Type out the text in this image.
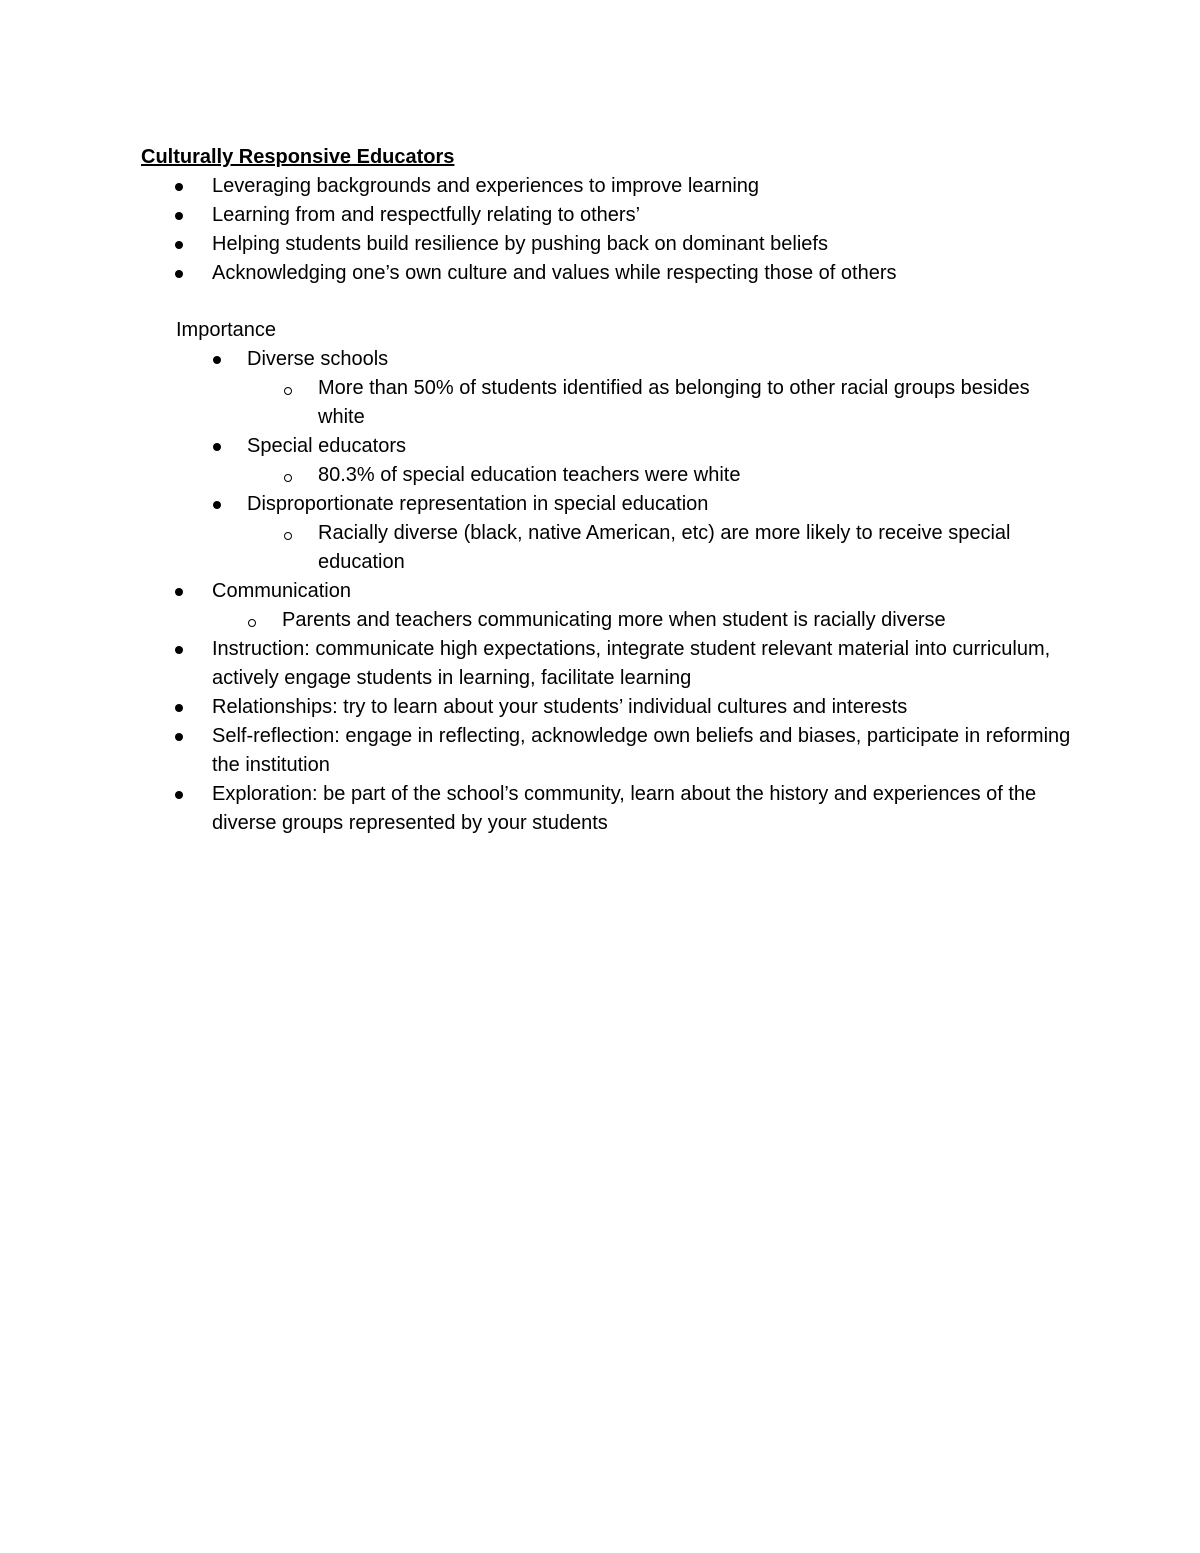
Culturally Responsive Educators

Leveraging backgrounds and experiences to improve learning
Learning from and respectfully relating to others’
Helping students build resilience by pushing back on dominant beliefs
Acknowledging one’s own culture and values while respecting those of others
Importance
Diverse schools
More than 50% of students identified as belonging to other racial groups besides white
Special educators
80.3% of special education teachers were white
Disproportionate representation in special education
Racially diverse (black, native American, etc) are more likely to receive special education
Communication
Parents and teachers communicating more when student is racially diverse
Instruction: communicate high expectations, integrate student relevant material into curriculum, actively engage students in learning, facilitate learning
Relationships: try to learn about your students’ individual cultures and interests
Self-reflection: engage in reflecting, acknowledge own beliefs and biases, participate in reforming the institution
Exploration: be part of the school’s community, learn about the history and experiences of the diverse groups represented by your students
